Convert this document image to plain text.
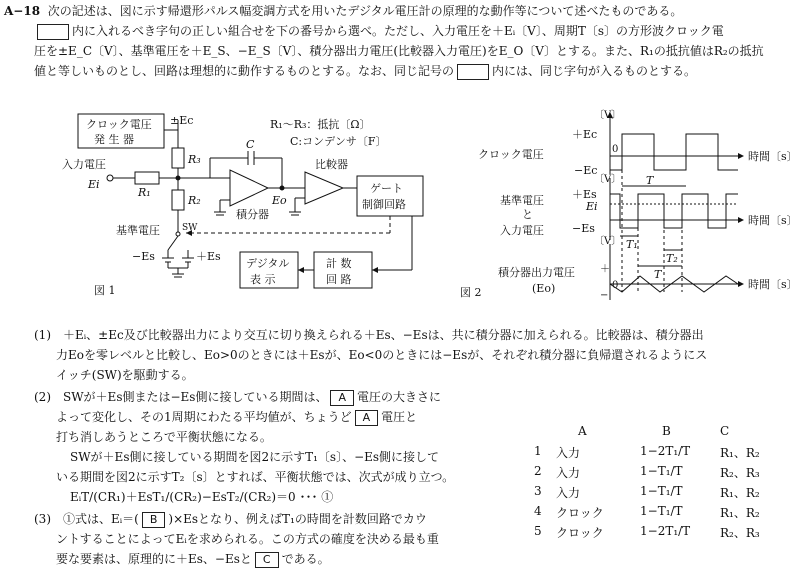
A−18 次の記述は、図に示す帰還形パルス幅変調方式を用いたデジタル電圧計の原理的な動作等について述べたものである。
内に入れるべき字句の正しい組合せを下の番号から選べ。ただし、入力電圧を＋Eᵢ〔V〕、周期T〔s〕の方形波クロック電
圧を±E_C〔V〕、基準電圧を＋E_S、−E_S〔V〕、積分器出力電圧(比較器入力電圧)をE_O〔V〕とする。また、R₁の抵抗値はR₂の抵抗
値と等しいものとし、回路は理想的に動作するものとする。なお、同じ記号の	内には、同じ字句が入るものとする。
クロック電圧
発 生 器
±Ec	R₁〜R₃：抵抗〔Ω〕
C:コンデンサ〔F〕
入力電圧
Ei
R₁
R₃
R₂
C
比較器
積分器
Eo
ゲート
制御回路
基準電圧 SW
−Es	＋Es
デジタル
表 示
計 数
回 路
図 1
〔V〕
＋Ec
0
−Ec
クロック電圧	時間〔s〕
T
〔V〕
基準電圧
と
入力電圧
＋Es
Ei
−Es
時間〔s〕
T₁
T₂
T
〔V〕
積分器出力電圧
(Eo)
＋
−
0	時間〔s〕
図 2
(1)　＋Eᵢ、±Ec及び比較器出力により交互に切り換えられる＋Es、−Esは、共に積分器に加えられる。比較器は、積分器出
力Eoを零レベルと比較し、Eo>0のときには＋Esが、Eo<0のときには−Esが、それぞれ積分器に負帰還されるようにス
イッチ(SW)を駆動する。
(2)　SWが＋Es側または−Es側に接している期間は、 A 電圧の大きさに
よって変化し、その1周期にわたる平均値が、ちょうど A 電圧と
打ち消しあうところで平衡状態になる。
SWが＋Es側に接している期間を図2に示すT₁〔s〕、−Es側に接して
いる期間を図2に示すT₂〔s〕とすれば、平衡状態では、次式が成り立つ。
EᵢT/(CR₁)＋EsT₁/(CR₂)−EsT₂/(CR₂)＝0 ･･･ ①
(3)　①式は、Eᵢ＝( B )×Esとなり、例えばT₁の時間を計数回路でカウ
ントすることによってEᵢを求められる。この方式の確度を決める最も重
要な要素は、原理的に＋Es、−Esと C である。
A	B	C
1 入力	1−2T₁/T R₁、R₂
2 入力	1−T₁/T	R₂、R₃
3 入力	1−T₁/T	R₁、R₂
4 クロック	1−T₁/T	R₁、R₂
5 クロック	1−2T₁/T R₂、R₃
